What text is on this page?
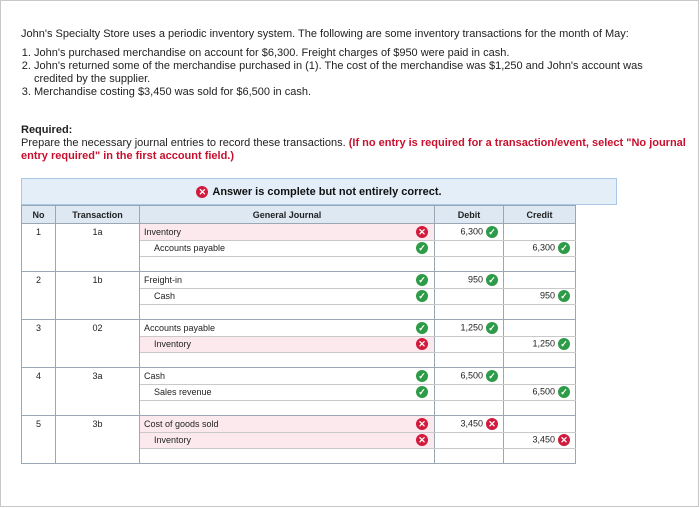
John's Specialty Store uses a periodic inventory system. The following are some inventory transactions for the month of May:

1. John's purchased merchandise on account for $6,300. Freight charges of $950 were paid in cash.
2. John's returned some of the merchandise purchased in (1). The cost of the merchandise was $1,250 and John's account was credited by the supplier.
3. Merchandise costing $3,450 was sold for $6,500 in cash.
Required:
Prepare the necessary journal entries to record these transactions. (If no entry is required for a transaction/event, select "No journal entry required" in the first account field.)
✕ Answer is complete but not entirely correct.
No	Transaction	General Journal	Debit	Credit
1	1a	Inventory ✕	6,300 ✓	
		Accounts payable ✓		6,300 ✓

2	1b	Freight-in ✓	950 ✓	
		Cash ✓		950 ✓

3	02	Accounts payable ✓	1,250 ✓	
		Inventory ✕		1,250 ✓

4	3a	Cash ✓	6,500 ✓	
		Sales revenue ✓		6,500 ✓

5	3b	Cost of goods sold ✕	3,450 ✕	
		Inventory ✕		3,450 ✕
